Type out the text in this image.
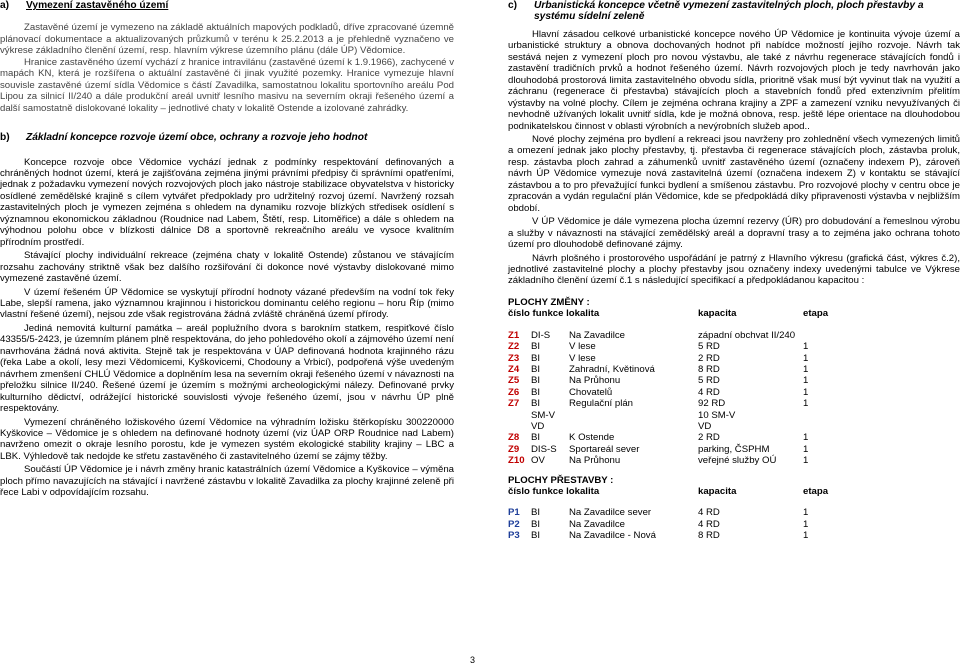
a)	Vymezení zastavěného území

Zastavěné území je vymezeno na základě aktuálních mapových podkladů, dříve zpracované územně plánovací dokumentace a aktualizovaných průzkumů v terénu k 25.2.2013 a je přehledně vyznačeno ve výkrese základního členění území, resp. hlavním výkrese územního plánu (dále ÚP) Vědomice.

Hranice zastavěného území vychází z hranice intravilánu (zastavěné území k 1.9.1966), zachycené v mapách KN, která je rozšířena o aktuální zastavěné či jinak využité pozemky. Hranice vymezuje hlavní souvisle zastavěné území sídla Vědomice s částí Zavadilka, samostatnou lokalitu sportovního areálu Pod Lipou za silnicí II/240 a dále produkční areál uvnitř lesního masivu na severním okraji řešeného území a další samostatně dislokované lokality – jednotlivé chaty v lokalitě Ostende a izolované zahrádky.

b)	Základní koncepce rozvoje území obce, ochrany a rozvoje jeho hodnot

Koncepce rozvoje obce Vědomice vychází jednak z podmínky respektování definovaných a chráněných hodnot území, která je zajišťována zejména jinými právními předpisy či správními opatřeními, jednak z požadavku vymezení nových rozvojových ploch jako nástroje stabilizace obyvatelstva v historicky osídlené zemědělské krajině s cílem vytvářet předpoklady pro udržitelný rozvoj území. Navržený rozsah zastavitelných ploch je vymezen zejména s ohledem na dynamiku rozvoje blízkých středisek osídlení s významnou ekonomickou základnou (Roudnice nad Labem, Štětí, resp. Litoměřice) a dále s ohledem na výhodnou polohu obce v blízkosti dálnice D8 a sportovně rekreačního areálu ve vysoce kvalitním přírodním prostředí.

Stávající plochy individuální rekreace (zejména chaty v lokalitě Ostende) zůstanou ve stávajícím rozsahu zachovány striktně však bez dalšího rozšiřování či dokonce nové výstavby dislokované mimo vymezené zastavěné území.

V území řešeném ÚP Vědomice se vyskytují přírodní hodnoty vázané především na vodní tok řeky Labe, slepší ramena, jako významnou krajinnou i historickou dominantu celého regionu – horu Říp (mimo vlastní řešené území), nejsou zde však registrována žádná zvláště chráněná území přírody.

Jediná nemovitá kulturní památka – areál poplužního dvora s barokním statkem, respiťkové číslo 43355/5-2423, je územním plánem plně respektována, do jeho pohledového okolí a zájmového území není navrhována žádná nová aktivita. Stejně tak je respektována v ÚAP definovaná hodnota krajinného rázu (řeka Labe a okolí, lesy mezi Vědomicemi, Kyškovicemi, Chodouny a Vrbicí), podpořená výše uvedeným návrhem zmenšení CHLÚ Vědomice a doplněním lesa na severním okraji řešeného území v návaznosti na přeložku silnice II/240. Řešené území je územím s možnými archeologickými nálezy. Definované prvky kulturního dědictví, odrážející historické souvislosti vývoje řešeného území, jsou v návrhu ÚP plně respektovány.

Vymezení chráněného ložiskového území Vědomice na výhradním ložisku štěrkopísku 300220000 Kyškovice – Vědomice je s ohledem na definované hodnoty území (viz ÚAP ORP Roudnice nad Labem) navrženo omezit o okraje lesního porostu, kde je vymezen systém ekologické stability krajiny – LBC a LBK. Výhledově tak nedojde ke střetu zastavěného či zastavitelného území se zájmy těžby.

Součástí ÚP Vědomice je i návrh změny hranic katastrálních území Vědomice a Kyškovice – výměna ploch přímo navazujících na stávající i navržené zástavbu v lokalitě Zavadilka za plochy krajinné zeleně při řece Labi v odpovídajícím rozsahu.

c)	Urbanistická koncepce včetně vymezení zastavitelných ploch, ploch přestavby a systému sídelní zeleně

Hlavní zásadou celkové urbanistické koncepce nového ÚP Vědomice je kontinuita vývoje území a urbanistické struktury a obnova dochovaných hodnot při nabídce možností jejího rozvoje. Návrh tak sestává nejen z vymezení ploch pro novou výstavbu, ale také z návrhu regenerace stávajících fondů i zastavění tradičních prvků a hodnot řešeného území. Návrh rozvojových ploch je tedy navrhován jako dlouhodobá prostorová limita zastavitelného obvodu sídla, prioritně však musí být vyvinut tlak na využití a záchranu (regenerace či přestavba) stávajících ploch a stavebních fondů před extenzivním přelitím výstavby na volné plochy. Cílem je zejména ochrana krajiny a ZPF a zamezení vzniku nevyužívaných či nevhodně užívaných lokalit uvnitř sídla, kde je možná obnova, resp. ještě lépe orientace na dlouhodobou podnikatelskou činnost v oblasti výrobních a nevýrobních služeb apod..

Nové plochy zejména pro bydlení a rekreaci jsou navrženy pro zohlednění všech vymezených limitů a omezení jednak jako plochy přestavby, tj. přestavba či regenerace stávajících ploch, zástavba proluk, resp. zástavba ploch zahrad a záhumenků uvnitř zastavěného území (označeny indexem P), zároveň návrh ÚP Vědomice vymezuje nová zastavitelná území (označena indexem Z) v kontaktu se stávající zástavbou a to pro převažující funkci bydlení a smíšenou zástavbu. Pro rozvojové plochy v centru obce je zpracován a vydán regulační plán Vědomice, kde se předpokládá díky připravenosti výstavba v nejbližším období.

V ÚP Vědomice je dále vymezena plocha územní rezervy (ÚR) pro dobudování a řemeslnou výrobu a služby v návaznosti na stávající zemědělský areál a dopravní trasy a to zejména jako ochrana tohoto území pro dlouhodobě definované zájmy.

Návrh plošného i prostorového uspořádání je patrný z Hlavního výkresu (grafická část, výkres č.2), jednotlivé zastavitelné plochy a plochy přestavby jsou označeny indexy uvedenými tabulce ve Výkrese základního členění území č.1 s následující specifikací a předpokládanou kapacitou :

PLOCHY ZMĚNY :
číslo funkce lokalita			kapacita	etapa

Z1	DI-S	Na Zavadilce	západní obchvat II/240	
Z2	BI	V lese	5 RD	1
Z3	BI	V lese	2 RD	1
Z4	BI	Zahradní, Květinová	8 RD	1
Z5	BI	Na Průhonu	5 RD	1
Z6	BI	Chovatelů	4 RD	1
Z7	BI	Regulační plán	92 RD	1
	SM-V		10 SM-V	
	VD		VD	
Z8	BI	K Ostende	2 RD	1
Z9	DIS-S	Sportareál sever	parking, ČSPHM	1
Z10	OV	Na Průhonu	veřejné služby OÚ	1
PLOCHY PŘESTAVBY :
číslo funkce lokalita			kapacita	etapa

P1	BI	Na Zavadilce sever	4 RD	1
P2	BI	Na Zavadilce	4 RD	1
P3	BI	Na Zavadilce - Nová	8 RD	1
3
